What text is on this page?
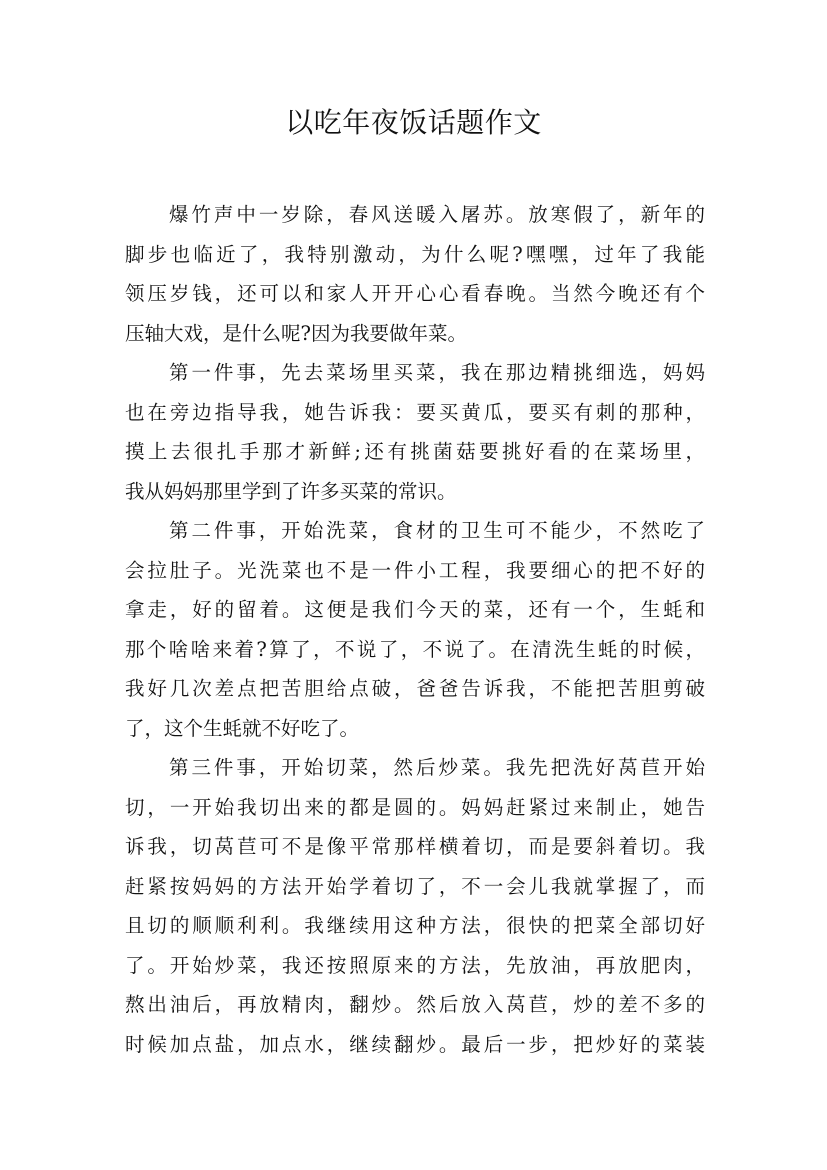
以吃年夜饭话题作文
爆竹声中一岁除，春风送暖入屠苏。放寒假了，新年的
脚步也临近了，我特别激动，为什么呢?嘿嘿，过年了我能
领压岁钱，还可以和家人开开心心看春晚。当然今晚还有个
压轴大戏，是什么呢?因为我要做年菜。
第一件事，先去菜场里买菜，我在那边精挑细选，妈妈
也在旁边指导我，她告诉我：要买黄瓜，要买有刺的那种，
摸上去很扎手那才新鲜;还有挑菌菇要挑好看的在菜场里，
我从妈妈那里学到了许多买菜的常识。
第二件事，开始洗菜，食材的卫生可不能少，不然吃了
会拉肚子。光洗菜也不是一件小工程，我要细心的把不好的
拿走，好的留着。这便是我们今天的菜，还有一个，生蚝和
那个啥啥来着?算了，不说了，不说了。在清洗生蚝的时候，
我好几次差点把苦胆给点破，爸爸告诉我，不能把苦胆剪破
了，这个生蚝就不好吃了。
第三件事，开始切菜，然后炒菜。我先把洗好莴苣开始
切，一开始我切出来的都是圆的。妈妈赶紧过来制止，她告
诉我，切莴苣可不是像平常那样横着切，而是要斜着切。我
赶紧按妈妈的方法开始学着切了，不一会儿我就掌握了，而
且切的顺顺利利。我继续用这种方法，很快的把菜全部切好
了。开始炒菜，我还按照原来的方法，先放油，再放肥肉，
熬出油后，再放精肉，翻炒。然后放入莴苣，炒的差不多的
时候加点盐，加点水，继续翻炒。最后一步，把炒好的菜装
